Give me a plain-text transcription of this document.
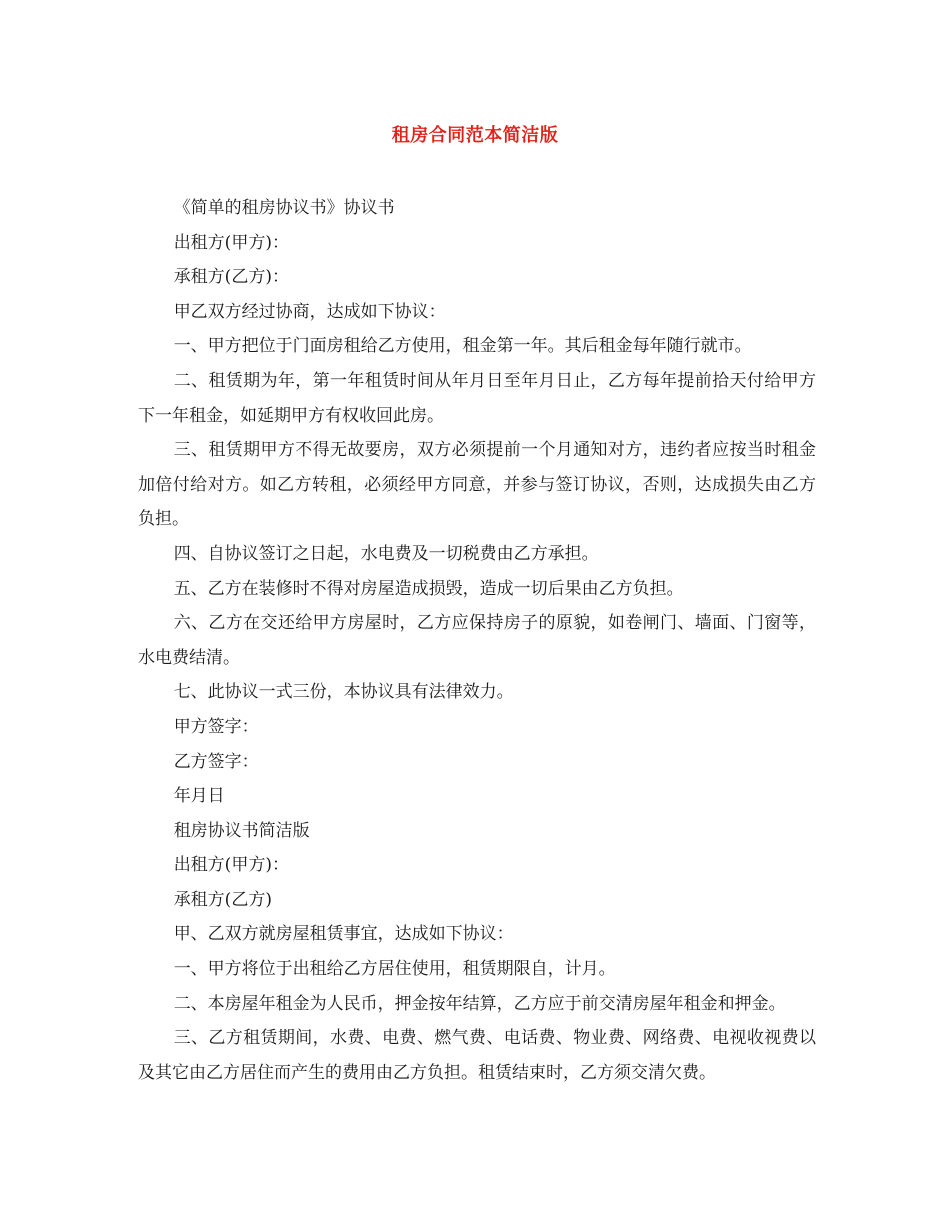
租房合同范本简洁版

《简单的租房协议书》协议书

出租方(甲方)：

承租方(乙方)：

甲乙双方经过协商，达成如下协议：

一、甲方把位于门面房租给乙方使用，租金第一年。其后租金每年随行就市。

二、租赁期为年，第一年租赁时间从年月日至年月日止，乙方每年提前拾天付给甲方下一年租金，如延期甲方有权收回此房。

三、租赁期甲方不得无故要房，双方必须提前一个月通知对方，违约者应按当时租金加倍付给对方。如乙方转租，必须经甲方同意，并参与签订协议，否则，达成损失由乙方负担。

四、自协议签订之日起，水电费及一切税费由乙方承担。

五、乙方在装修时不得对房屋造成损毁，造成一切后果由乙方负担。

六、乙方在交还给甲方房屋时，乙方应保持房子的原貌，如卷闸门、墙面、门窗等，水电费结清。

七、此协议一式三份，本协议具有法律效力。

甲方签字：

乙方签字：

年月日

租房协议书简洁版

出租方(甲方)：

承租方(乙方)

甲、乙双方就房屋租赁事宜，达成如下协议：

一、甲方将位于出租给乙方居住使用，租赁期限自，计月。

二、本房屋年租金为人民币，押金按年结算，乙方应于前交清房屋年租金和押金。

三、乙方租赁期间，水费、电费、燃气费、电话费、物业费、网络费、电视收视费以及其它由乙方居住而产生的费用由乙方负担。租赁结束时，乙方须交清欠费。
